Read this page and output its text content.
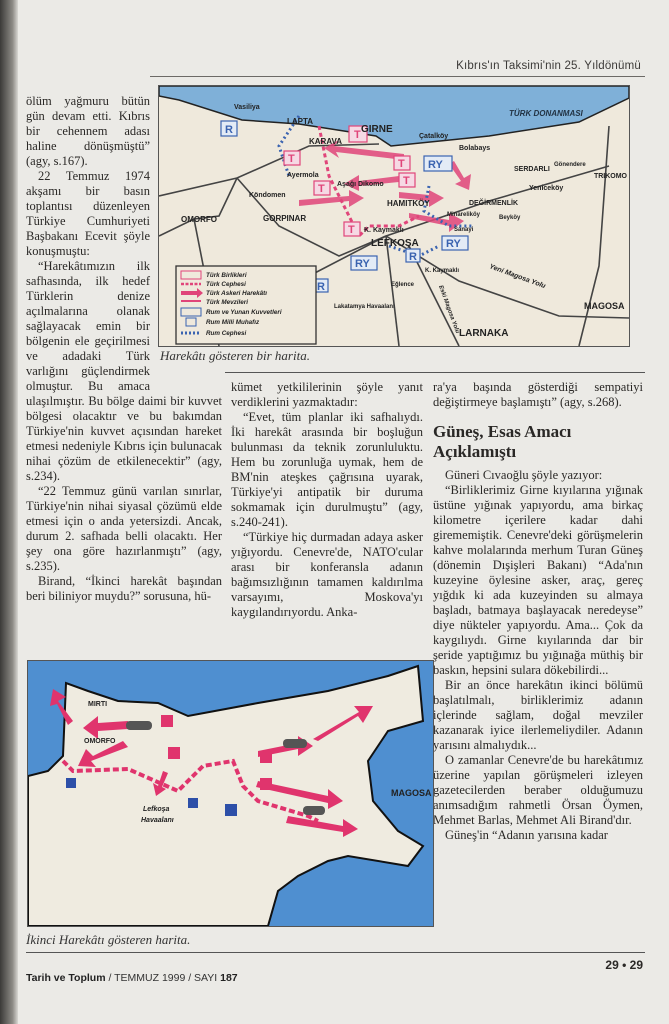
Kıbrıs'ın Taksimi'nin 25. Yıldönümü

ölüm yağmuru bütün gün devam etti. Kıbrıs bir cehennem adası haline dönüşmüştü” (agy, s.167).

22 Temmuz 1974 akşamı bir basın toplantısı düzenleyen Türkiye Cumhuriyeti Başbakanı Ecevit şöyle konuşmuştu:

“Harekâtımızın ilk safhasında, ilk hedef Türklerin denize açılmalarına olanak sağlayacak emin bir bölgenin ele geçirilmesi ve adadaki Türk varlığını güçlendirmek olmuştur. Bu amaca ulaşılmıştır. Bu bölge daimi bir kuvvet bölgesi olacaktır ve bu bakımdan Türkiye'nin kuvvet açısından hareket etmesi nedeniyle Kıbrıs için bulunacak nihai çözüm de etkilenecektir” (agy, s.234).

“22 Temmuz günü varılan sınırlar, Türkiye'nin nihai siyasal çözümü elde etmesi için o anda yetersizdi. Ancak, durum 2. safhada belli olacaktı. Her şey ona göre hazırlanmıştı” (agy, s.235).

Birand, “İkinci harekât başından beri biliniyor muydu?” sorusuna, hü-

kümet yetkililerinin şöyle yanıt verdiklerini yazmaktadır:

“Evet, tüm planlar iki safhalıydı. İki harekât arasında bir boşluğun bulunması da teknik zorunluluktu. Hem bu zorunluğa uymak, hem de BM'nin ateşkes çağrısına uyarak, Türkiye'yi antipatik bir duruma sokmamak için durulmuştu” (agy, s.240-241).

“Türkiye hiç durmadan adaya asker yığıyordu. Cenevre'de, NATO'cular arası bir konferansla adanın bağımsızlığının tamamen kaldırılma varsayımı, Moskova'yı kaygılandırıyordu. Anka-

ra'ya başında gösterdiği sempatiyi değiştirmeye başlamıştı” (agy, s.268).

Güneş, Esas Amacı Açıklamıştı

Güneri Cıvaoğlu şöyle yazıyor:

“Birliklerimiz Girne kıyılarına yığınak üstüne yığınak yapıyordu, ama birkaç kilometre içerilere kadar dahi girememiştik. Cenevre'deki görüşmelerin kahve molalarında merhum Turan Güneş (dönemin Dışişleri Bakanı) “Ada'nın kuzeyine öylesine asker, araç, gereç yığdık ki ada kuzeyinden su almaya başladı, batmaya başlayacak neredeyse” diye nükteler yapıyordu. Ama... Çok da kaygılıydı. Girne kıyılarında dar bir şeride yaptığımız bu yığınağa müthiş bir baskın, hepsini sulara dökebilirdi...

Bir an önce harekâtın ikinci bölümü başlatılmalı, birliklerimiz adanın içlerinde sağlam, doğal mevziler kazanarak iyice ilerlemeliydiler. Adanın yarısını almalıydık...

O zamanlar Cenevre'de bu harekâtımız üzerine yapılan görüşmeleri izleyen gazetecilerden beraber olduğumuzu anımsadığım rahmetli Örsan Öymen, Mehmet Barlas, Mehmet Ali Birand'dır.

Güneş'in “Adanın yarısına kadar

T
T
T
T
T
T
R
RY
RY
RY
R
R
Vasiliya
LAPTA
KARAVA
GIRNE
TÜRK DONANMASI
Çatalköy
Bolabays
Ayermola
Aşağı Dikomo
Köndomen
OMORFO	GORPINAR
HAMITKÖY
K. Kaymaklı
LEFKOŞA
SERDARLI
Gönendere
TRIKOMO
Yeniceköy
DEĞİRMENLİK
Minareliköy	Beyköy
Sanayi
K. Kaymaklı	Yeni Magosa Yolu
Eğlence	Eski Magosa Yolu
LARNAKA
MAGOSA
Lakatamya Havaalanı
Türk Birlikleri
Türk Cephesi
Türk Askeri Harekâtı
Türk Mevzileri
Rum ve Yunan Kuvvetleri
Rum Milli Muhafız
Rum Cephesi
Harekâtı gösteren bir harita.
MIRTI
OMORFO
Lefkoşa
Havaalanı
MAGOSA
İkinci Harekâtı gösteren harita.
29 • 29
Tarih ve Toplum / TEMMUZ 1999 / SAYI 187
